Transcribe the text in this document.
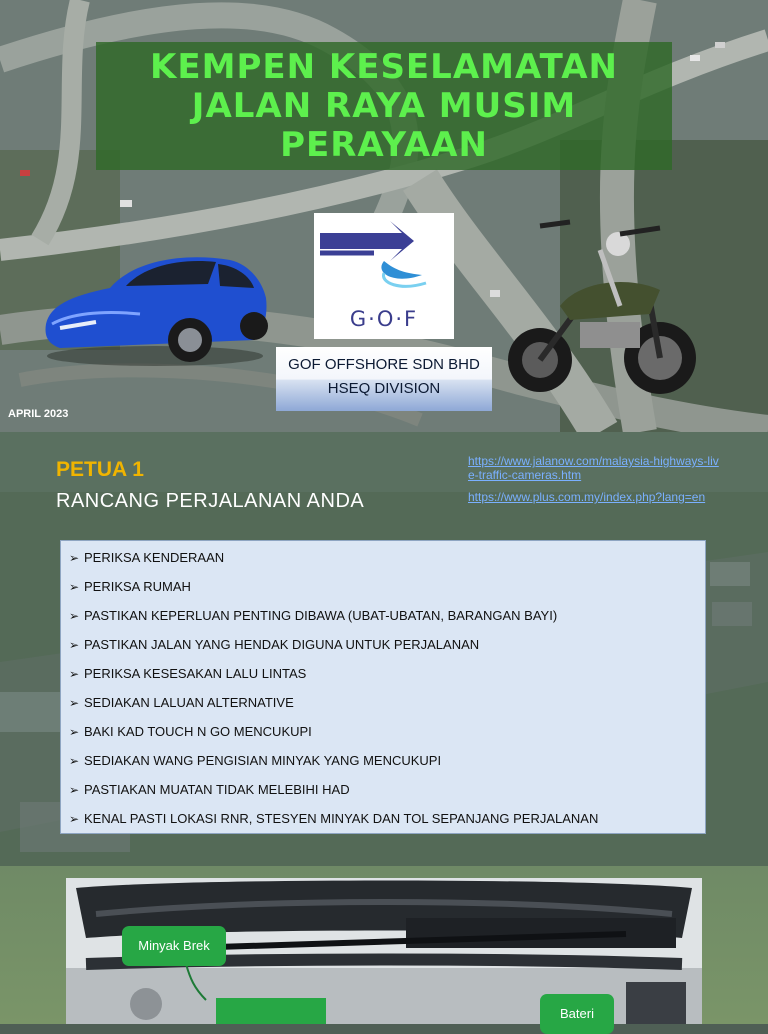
KEMPEN KESELAMATAN
JALAN RAYA MUSIM
PERAYAAN
G·O·F
GOF OFFSHORE SDN BHD
HSEQ DIVISION
APRIL 2023
PETUA 1
RANCANG PERJALANAN ANDA
https://www.jalanow.com/malaysia-highways-live-traffic-cameras.htm
https://www.plus.com.my/index.php?lang=en
➢ PERIKSA KENDERAAN
➢ PERIKSA RUMAH
➢ PASTIKAN KEPERLUAN PENTING DIBAWA (UBAT-UBATAN, BARANGAN BAYI)
➢ PASTIKAN JALAN YANG HENDAK DIGUNA UNTUK PERJALANAN
➢ PERIKSA KESESAKAN LALU LINTAS
➢ SEDIAKAN LALUAN ALTERNATIVE
➢ BAKI KAD TOUCH N GO MENCUKUPI
➢ SEDIAKAN WANG PENGISIAN MINYAK YANG MENCUKUPI
➢ PASTIAKAN MUATAN TIDAK MELEBIHI HAD
➢ KENAL PASTI LOKASI RNR, STESYEN MINYAK DAN TOL SEPANJANG PERJALANAN
Minyak Brek
Bateri
